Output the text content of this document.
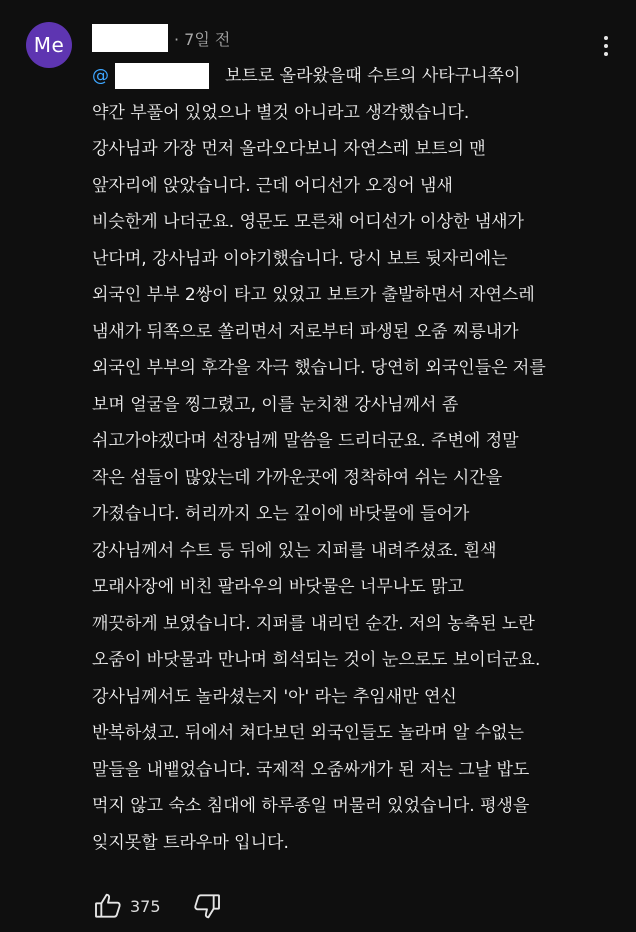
Me	· 7일 전
@	보트로 올라왔을때 수트의 사타구니쪽이
약간 부풀어 있었으나 별것 아니라고 생각했습니다.
강사님과 가장 먼저 올라오다보니 자연스레 보트의 맨
앞자리에 앉았습니다. 근데 어디선가 오징어 냄새
비슷한게 나더군요. 영문도 모른채 어디선가 이상한 냄새가
난다며, 강사님과 이야기했습니다. 당시 보트 뒷자리에는
외국인 부부 2쌍이 타고 있었고 보트가 출발하면서 자연스레
냄새가 뒤쪽으로 쏠리면서 저로부터 파생된 오줌 찌릉내가
외국인 부부의 후각을 자극 했습니다. 당연히 외국인들은 저를
보며 얼굴을 찡그렸고, 이를 눈치챈 강사님께서 좀
쉬고가야겠다며 선장님께 말씀을 드리더군요. 주변에 정말
작은 섬들이 많았는데 가까운곳에 정착하여 쉬는 시간을
가졌습니다. 허리까지 오는 깊이에 바닷물에 들어가
강사님께서 수트 등 뒤에 있는 지퍼를 내려주셨죠. 흰색
모래사장에 비친 팔라우의 바닷물은 너무나도 맑고
깨끗하게 보였습니다. 지퍼를 내리던 순간. 저의 농축된 노란
오줌이 바닷물과 만나며 희석되는 것이 눈으로도 보이더군요.
강사님께서도 놀라셨는지 '아' 라는 추임새만 연신
반복하셨고. 뒤에서 쳐다보던 외국인들도 놀라며 알 수없는
말들을 내뱉었습니다. 국제적 오줌싸개가 된 저는 그날 밥도
먹지 않고 숙소 침대에 하루종일 머물러 있었습니다. 평생을
잊지못할 트라우마 입니다.
375
